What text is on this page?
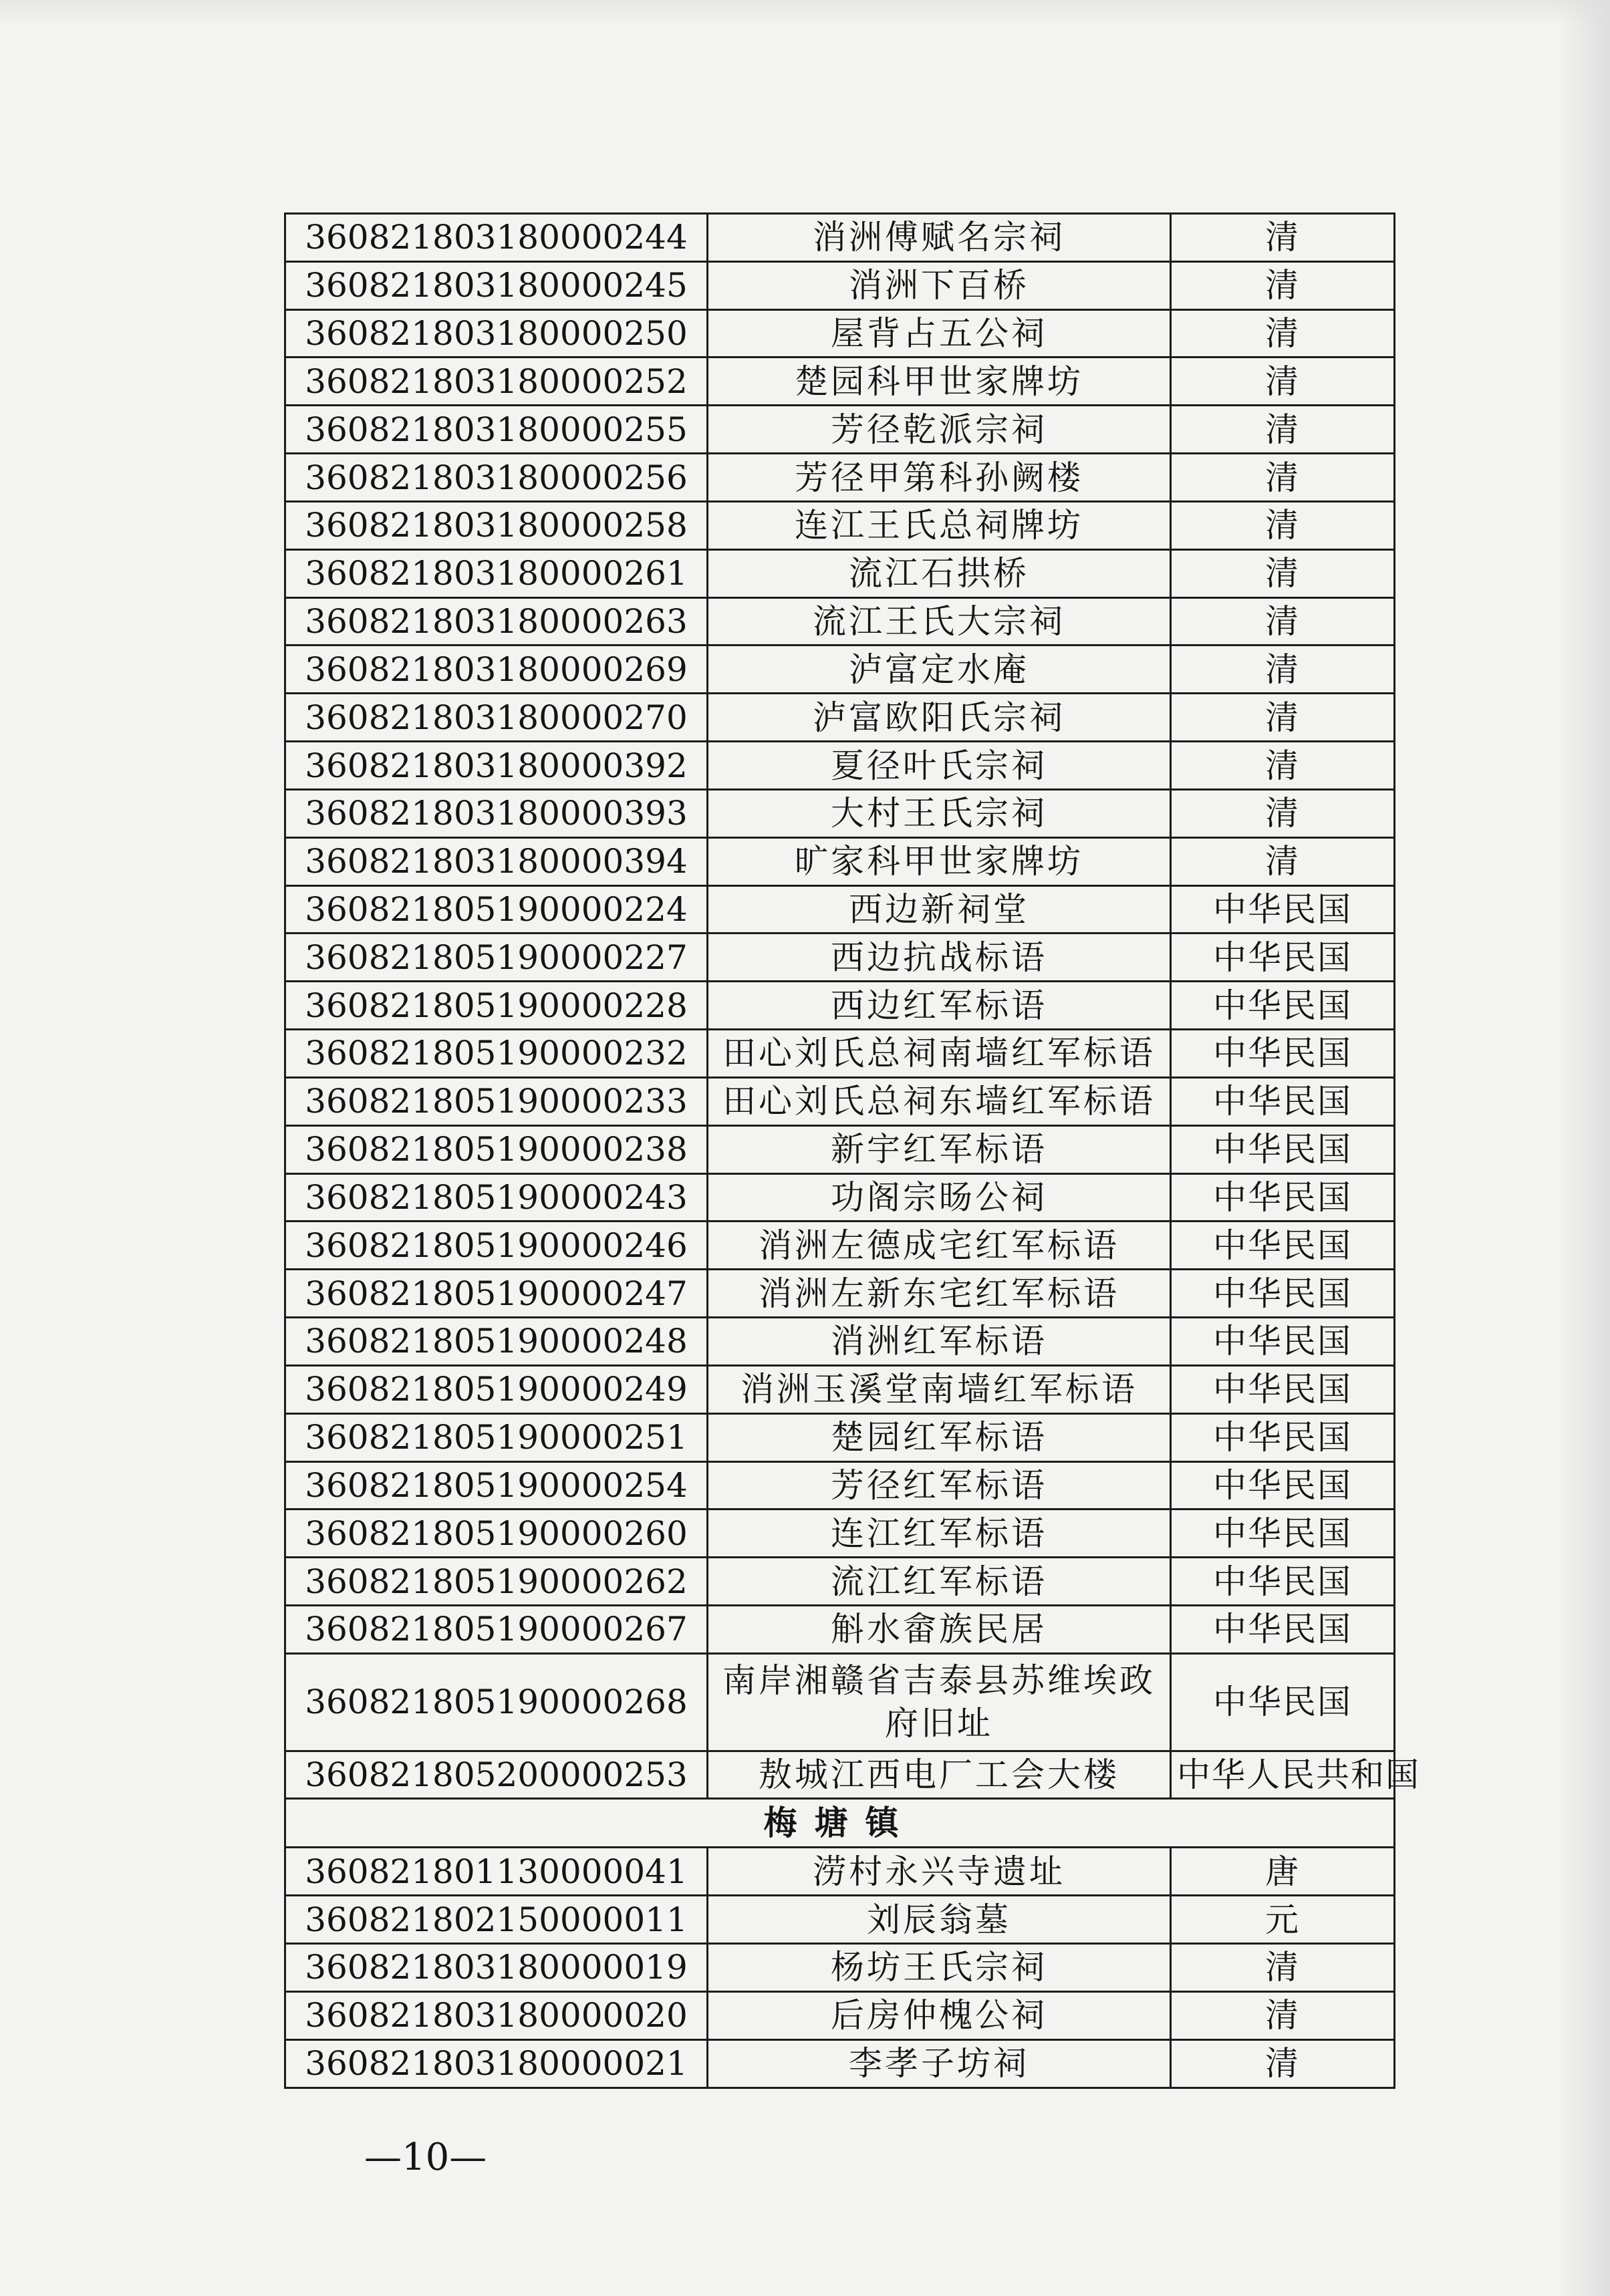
360821803180000244	消洲傅赋名宗祠	清
360821803180000245	消洲下百桥	清
360821803180000250	屋背占五公祠	清
360821803180000252	楚园科甲世家牌坊	清
360821803180000255	芳径乾派宗祠	清
360821803180000256	芳径甲第科孙阙楼	清
360821803180000258	连江王氏总祠牌坊	清
360821803180000261	流江石拱桥	清
360821803180000263	流江王氏大宗祠	清
360821803180000269	泸富定水庵	清
360821803180000270	泸富欧阳氏宗祠	清
360821803180000392	夏径叶氏宗祠	清
360821803180000393	大村王氏宗祠	清
360821803180000394	旷家科甲世家牌坊	清
360821805190000224	西边新祠堂	中华民国
360821805190000227	西边抗战标语	中华民国
360821805190000228	西边红军标语	中华民国
360821805190000232	田心刘氏总祠南墙红军标语	中华民国
360821805190000233	田心刘氏总祠东墙红军标语	中华民国
360821805190000238	新宇红军标语	中华民国
360821805190000243	功阁宗旸公祠	中华民国
360821805190000246	消洲左德成宅红军标语	中华民国
360821805190000247	消洲左新东宅红军标语	中华民国
360821805190000248	消洲红军标语	中华民国
360821805190000249	消洲玉溪堂南墙红军标语	中华民国
360821805190000251	楚园红军标语	中华民国
360821805190000254	芳径红军标语	中华民国
360821805190000260	连江红军标语	中华民国
360821805190000262	流江红军标语	中华民国
360821805190000267	斛水畲族民居	中华民国
360821805190000268	南岸湘赣省吉泰县苏维埃政府旧址	中华民国
360821805200000253	敖城江西电厂工会大楼	中华人民共和国
梅塘镇		
360821801130000041	涝村永兴寺遗址	唐
360821802150000011	刘辰翁墓	元
360821803180000019	杨坊王氏宗祠	清
360821803180000020	后房仲槐公祠	清
360821803180000021	李孝子坊祠	清
—10—
